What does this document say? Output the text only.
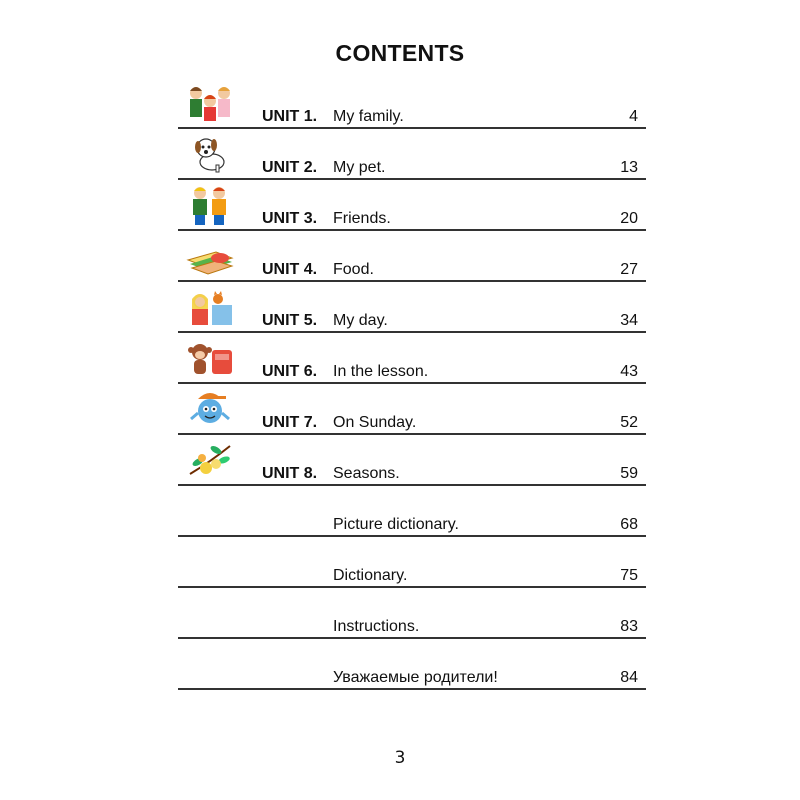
CONTENTS
UNIT 1. My family.	4
UNIT 2. My pet.	13
UNIT 3. Friends.	20
UNIT 4. Food.	27
UNIT 5. My day.	34
UNIT 6. In the lesson.	43
UNIT 7. On Sunday.	52
UNIT 8. Seasons.	59
Picture dictionary.	68
Dictionary.	75
Instructions.	83
Уважаемые родители!	84
3
